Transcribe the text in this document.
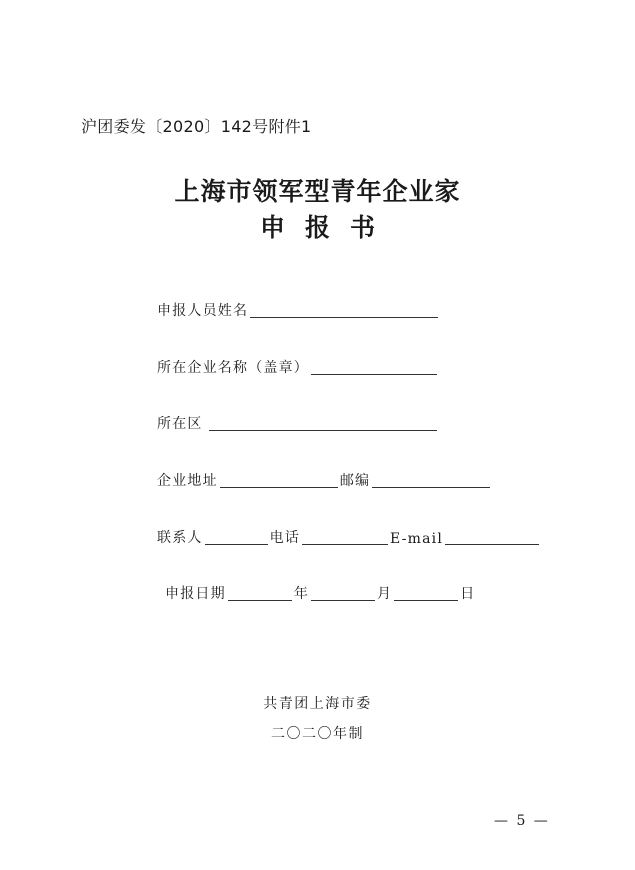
沪团委发〔2020〕142号附件1
上海市领军型青年企业家
申报书
申报人员姓名
所在企业名称（盖章）
所在区
企业地址	邮编
联系人	电话	E-mail
申报日期	年	月	日
共青团上海市委
二〇二〇年制
— 5 —
